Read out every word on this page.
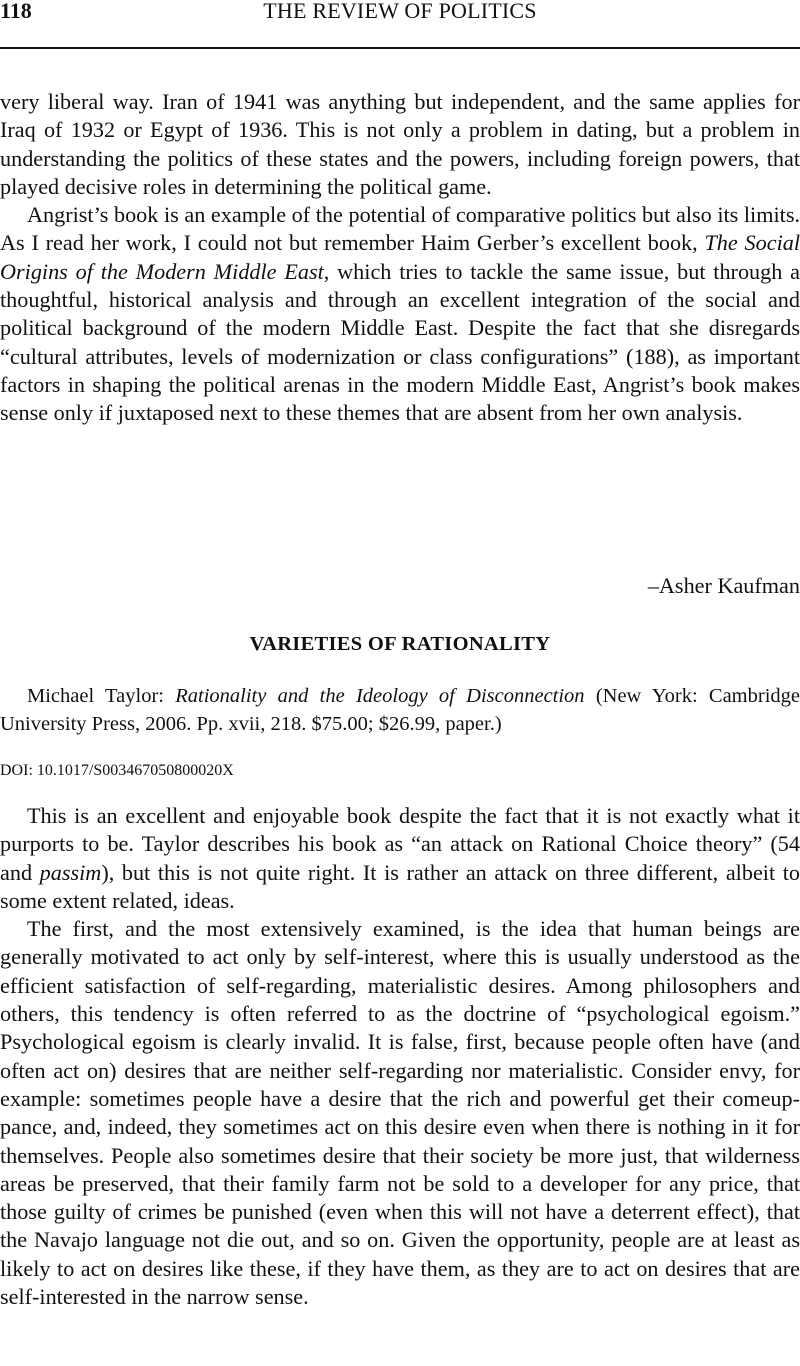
118	THE REVIEW OF POLITICS

very liberal way. Iran of 1941 was anything but independent, and the same applies for Iraq of 1932 or Egypt of 1936. This is not only a problem in dating, but a problem in understanding the politics of these states and the powers, including foreign powers, that played decisive roles in determining the political game.

Angrist’s book is an example of the potential of comparative politics but also its limits. As I read her work, I could not but remember Haim Gerber’s excellent book, The Social Origins of the Modern Middle East, which tries to tackle the same issue, but through a thoughtful, historical analysis and through an excellent integration of the social and political background of the modern Middle East. Despite the fact that she disregards “cultural attributes, levels of modernization or class configurations” (188), as important factors in shaping the political arenas in the modern Middle East, Angrist’s book makes sense only if juxtaposed next to these themes that are absent from her own analysis.

–Asher Kaufman
VARIETIES OF RATIONALITY
Michael Taylor: Rationality and the Ideology of Disconnection (New York: Cambridge University Press, 2006. Pp. xvii, 218. $75.00; $26.99, paper.)
DOI: 10.1017/S003467050800020X

This is an excellent and enjoyable book despite the fact that it is not exactly what it purports to be. Taylor describes his book as “an attack on Rational Choice theory” (54 and passim), but this is not quite right. It is rather an attack on three different, albeit to some extent related, ideas.

The first, and the most extensively examined, is the idea that human beings are generally motivated to act only by self-interest, where this is usually understood as the efficient satisfaction of self-regarding, materialistic desires. Among philosophers and others, this tendency is often referred to as the doctrine of “psychological egoism.” Psychological egoism is clearly invalid. It is false, first, because people often have (and often act on) desires that are neither self-regarding nor materialistic. Consider envy, for example: sometimes people have a desire that the rich and powerful get their comeuppance, and, indeed, they sometimes act on this desire even when there is nothing in it for themselves. People also sometimes desire that their society be more just, that wilderness areas be preserved, that their family farm not be sold to a developer for any price, that those guilty of crimes be punished (even when this will not have a deterrent effect), that the Navajo language not die out, and so on. Given the opportunity, people are at least as likely to act on desires like these, if they have them, as they are to act on desires that are self-interested in the narrow sense.
